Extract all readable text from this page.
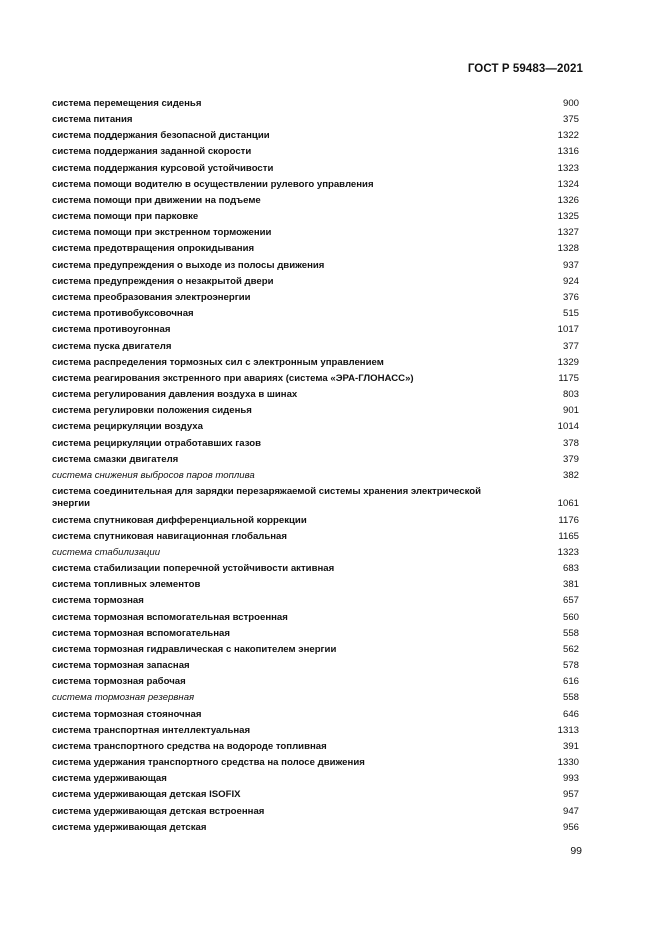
ГОСТ Р 59483—2021
система перемещения сиденья	900
система питания	375
система поддержания безопасной дистанции	1322
система поддержания заданной скорости	1316
система поддержания курсовой устойчивости	1323
система помощи водителю в осуществлении рулевого управления	1324
система помощи при движении на подъеме	1326
система помощи при парковке	1325
система помощи при экстренном торможении	1327
система предотвращения опрокидывания	1328
система предупреждения о выходе из полосы движения	937
система предупреждения о незакрытой двери	924
система преобразования электроэнергии	376
система противобуксовочная	515
система противоугонная	1017
система пуска двигателя	377
система распределения тормозных сил с электронным управлением	1329
система реагирования экстренного при авариях (система «ЭРА-ГЛОНАСС»)	1175
система регулирования давления воздуха в шинах	803
система регулировки положения сиденья	901
система рециркуляции воздуха	1014
система рециркуляции отработавших газов	378
система смазки двигателя	379
система снижения выбросов паров топлива	382
система соединительная для зарядки перезаряжаемой системы хранения электрической энергии	1061
система спутниковая дифференциальной коррекции	1176
система спутниковая навигационная глобальная	1165
система стабилизации	1323
система стабилизации поперечной устойчивости активная	683
система топливных элементов	381
система тормозная	657
система тормозная вспомогательная встроенная	560
система тормозная вспомогательная	558
система тормозная гидравлическая с накопителем энергии	562
система тормозная запасная	578
система тормозная рабочая	616
система тормозная резервная	558
система тормозная стояночная	646
система транспортная интеллектуальная	1313
система транспортного средства на водороде топливная	391
система удержания транспортного средства на полосе движения	1330
система удерживающая	993
система удерживающая детская ISOFIX	957
система удерживающая детская встроенная	947
система удерживающая детская	956
99
